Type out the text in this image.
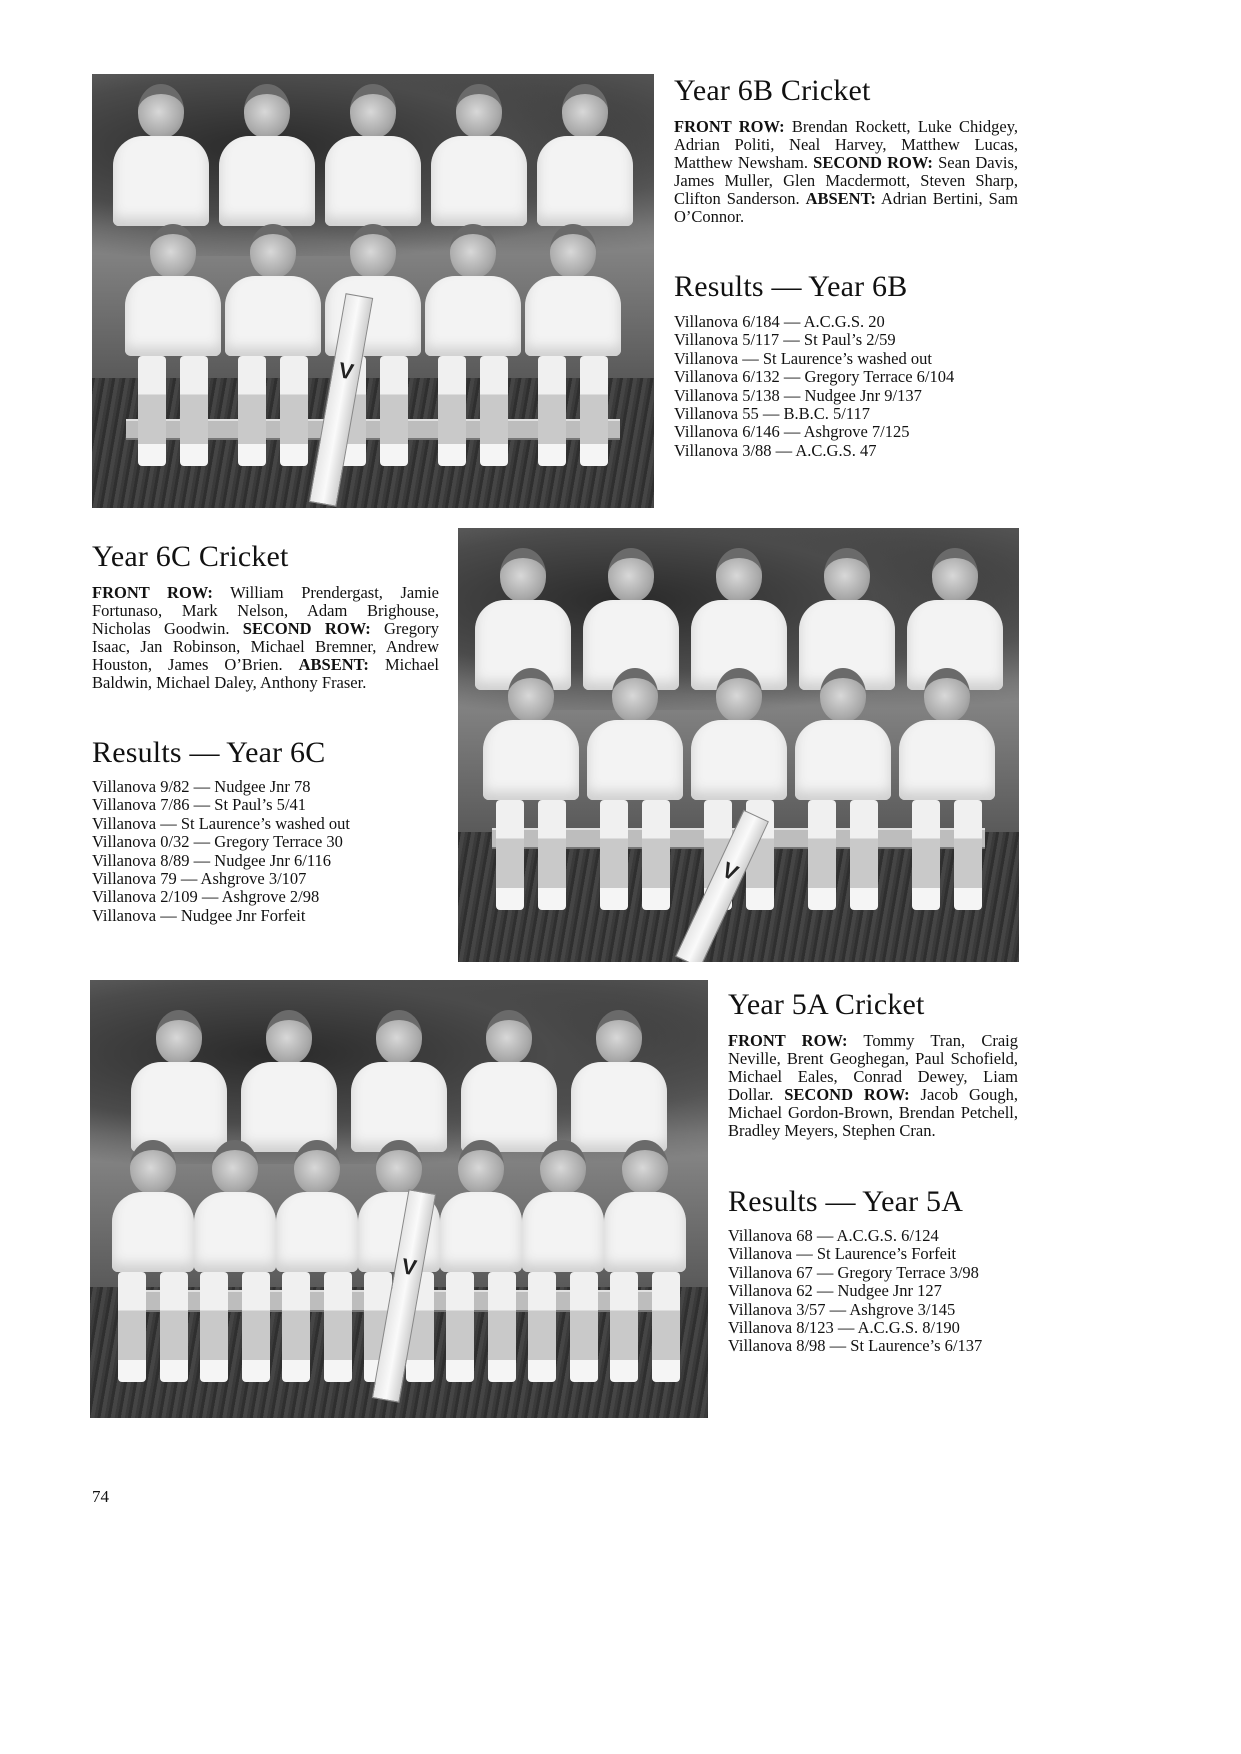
V
Year 6B Cricket

FRONT ROW: Brendan Rockett, Luke Chidgey, Adrian Politi, Neal Harvey, Matthew Lucas, Matthew Newsham. SECOND ROW: Sean Davis, James Muller, Glen Macdermott, Steven Sharp, Clifton Sanderson. ABSENT: Adrian Bertini, Sam O’Connor.

Results — Year 6B
Villanova 6/184 — A.C.G.S. 20
Villanova 5/117 — St Paul’s 2/59
Villanova — St Laurence’s washed out
Villanova 6/132 — Gregory Terrace 6/104
Villanova 5/138 — Nudgee Jnr 9/137
Villanova 55 — B.B.C. 5/117
Villanova 6/146 — Ashgrove 7/125
Villanova 3/88 — A.C.G.S. 47
Year 6C Cricket

FRONT ROW: William Prendergast, Jamie Fortunaso, Mark Nelson, Adam Brighouse, Nicholas Goodwin. SECOND ROW: Gregory Isaac, Jan Robinson, Michael Bremner, Andrew Houston, James O’Brien. ABSENT: Michael Baldwin, Michael Daley, Anthony Fraser.

Results — Year 6C
Villanova 9/82 — Nudgee Jnr 78
Villanova 7/86 — St Paul’s 5/41
Villanova — St Laurence’s washed out
Villanova 0/32 — Gregory Terrace 30
Villanova 8/89 — Nudgee Jnr 6/116
Villanova 79 — Ashgrove 3/107
Villanova 2/109 — Ashgrove 2/98
Villanova — Nudgee Jnr Forfeit
V
V
Year 5A Cricket

FRONT ROW: Tommy Tran, Craig Neville, Brent Geoghegan, Paul Schofield, Michael Eales, Conrad Dewey, Liam Dollar. SECOND ROW: Jacob Gough, Michael Gordon-Brown, Brendan Petchell, Bradley Meyers, Stephen Cran.

Results — Year 5A
Villanova 68 — A.C.G.S. 6/124
Villanova — St Laurence’s Forfeit
Villanova 67 — Gregory Terrace 3/98
Villanova 62 — Nudgee Jnr 127
Villanova 3/57 — Ashgrove 3/145
Villanova 8/123 — A.C.G.S. 8/190
Villanova 8/98 — St Laurence’s 6/137
74
